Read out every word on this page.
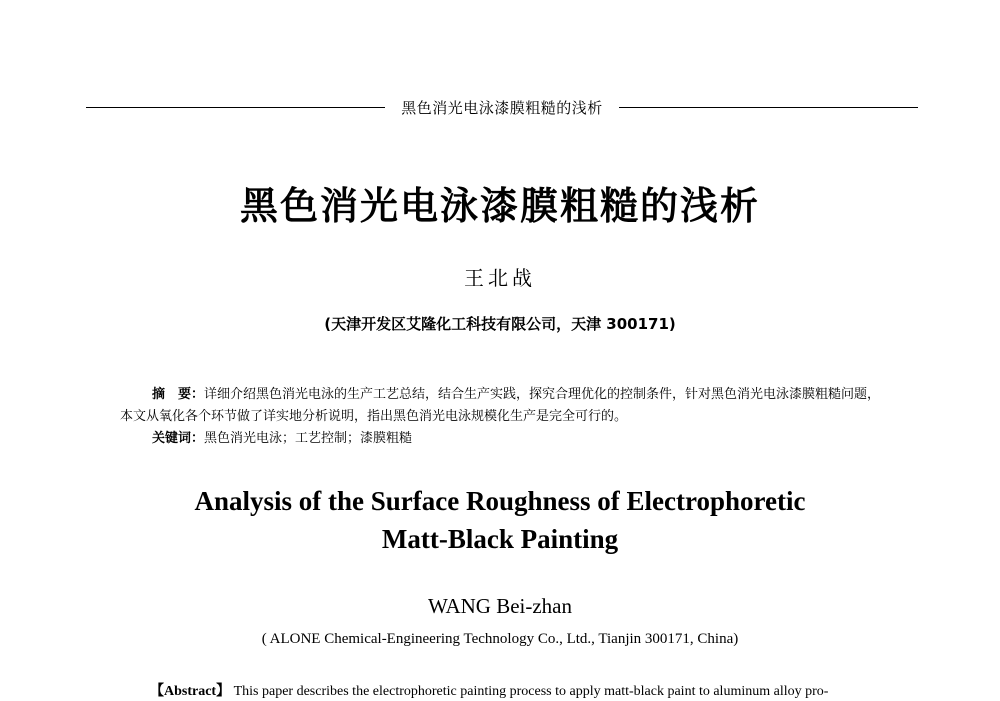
黑色消光电泳漆膜粗糙的浅析
黑色消光电泳漆膜粗糙的浅析
王北战
(天津开发区艾隆化工科技有限公司，天津 300171)

摘　要：详细介绍黑色消光电泳的生产工艺总结，结合生产实践，探究合理优化的控制条件，针对黑色消光电泳漆膜粗糙问题，本文从氧化各个环节做了详实地分析说明，指出黑色消光电泳规模化生产是完全可行的。

关键词：黑色消光电泳；工艺控制；漆膜粗糙
Analysis of the Surface Roughness of Electrophoretic
Matt-Black Painting
WANG Bei-zhan
( ALONE Chemical-Engineering Technology Co., Ltd., Tianjin 300171, China)
【Abstract】 This paper describes the electrophoretic painting process to apply matt-black paint to aluminum alloy pro-
